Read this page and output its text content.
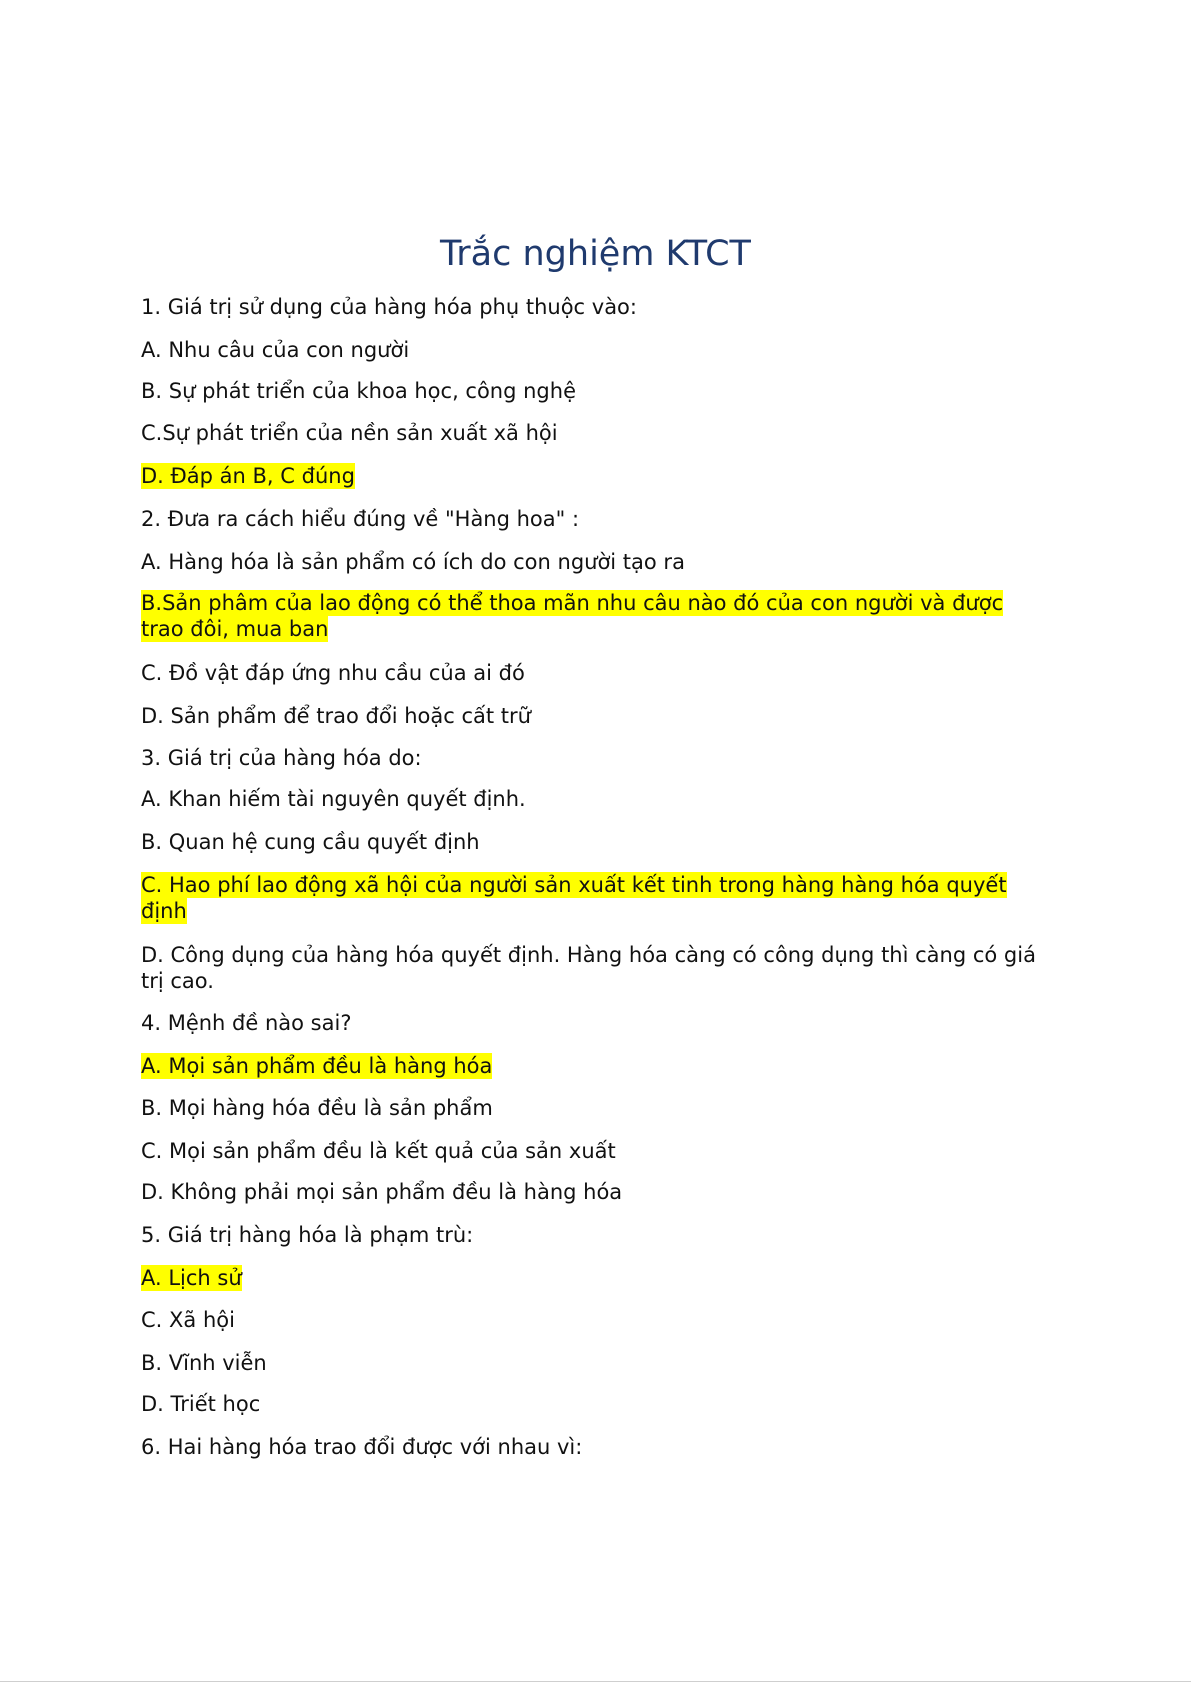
Trắc nghiệm KTCT
1. Giá trị sử dụng của hàng hóa phụ thuộc vào:
A. Nhu câu của con người
B. Sự phát triển của khoa học, công nghệ
C.Sự phát triển của nền sản xuất xã hội
D. Đáp án B, C đúng
2. Đưa ra cách hiểu đúng về "Hàng hoa" :
A. Hàng hóa là sản phẩm có ích do con người tạo ra
B.Sản phâm của lao động có thể thoa mãn nhu câu nào đó của con người và được trao đôi, mua ban
C. Đồ vật đáp ứng nhu cầu của ai đó
D. Sản phẩm để trao đổi hoặc cất trữ
3. Giá trị của hàng hóa do:
A. Khan hiếm tài nguyên quyết định.
B. Quan hệ cung cầu quyết định
C. Hao phí lao động xã hội của người sản xuất kết tinh trong hàng hàng hóa quyết định
D. Công dụng của hàng hóa quyết định. Hàng hóa càng có công dụng thì càng có giá trị cao.
4. Mệnh đề nào sai?
A. Mọi sản phẩm đều là hàng hóa
B. Mọi hàng hóa đều là sản phẩm
C. Mọi sản phẩm đều là kết quả của sản xuất
D. Không phải mọi sản phẩm đều là hàng hóa
5. Giá trị hàng hóa là phạm trù:
A. Lịch sử
C. Xã hội
B. Vĩnh viễn
D. Triết học
6. Hai hàng hóa trao đổi được với nhau vì:
